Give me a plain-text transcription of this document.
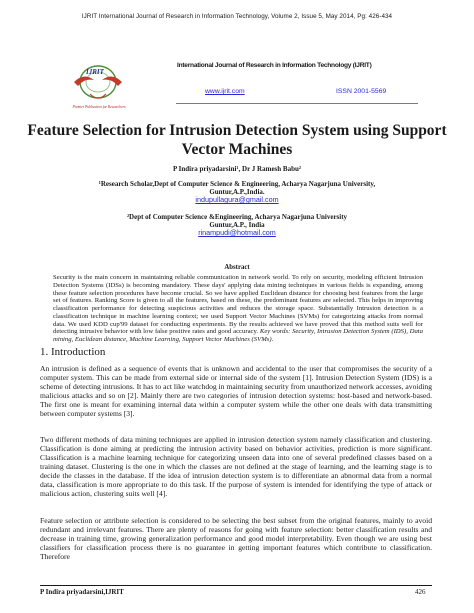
IJRIT International Journal of Research in Information Technology, Volume 2, Issue 5, May 2014, Pg: 426-434
IJRIT
Premier Publication for Researchers
International Journal of Research in Information Technology (IJRIT)
www.ijrit.com	ISSN 2001-5569
Feature Selection for Intrusion Detection System using Support
Vector Machines
P Indira priyadarsini¹, Dr J Ramesh Babu²
¹Research Scholar,Dept of Computer Science & Engineering, Acharya Nagarjuna University,
Guntur,A.P.,India.
indupullagura@gmail.com
²Dept of Computer Science &Engineering, Acharya Nagarjuna University
Guntur,A.P., India
rinampudi@hotmail.com
Abstract
Security is the main concern in maintaining reliable communication in network world. To rely on security, modeling efficient Intrusion Detection Systems (IDSs) is becoming mandatory. These days' applying data mining techniques in various fields is expanding, among these feature selection procedures have become crucial. So we have applied Euclidean distance for choosing best features from the large set of features. Ranking Score is given to all the features, based on these, the predominant features are selected. This helps in improving classification performance for detecting suspicious activities and reduces the storage space. Substantially Intrusion detection is a classification technique in machine learning context; we used Support Vector Machines (SVMs) for categorizing attacks from normal data. We used KDD cup'99 dataset for conducting experiments. By the results achieved we have proved that this method suits well for detecting intrusive behavior with low false positive rates and good accuracy. Key words: Security, Intrusion Detection System (IDS), Data mining, Euclidean distance, Machine Learning, Support Vector Machines (SVMs).
1. Introduction
An intrusion is defined as a sequence of events that is unknown and accidental to the user that compromises the security of a computer system. This can be made from external side or internal side of the system [1]. Intrusion Detection System (IDS) is a scheme of detecting intrusions. It has to act like watchdog in maintaining security from unauthorized network accesses, avoiding malicious attacks and so on [2]. Mainly there are two categories of intrusion detection systems: host-based and network-based. The first one is meant for examining internal data within a computer system while the other one deals with data transmitting between computer systems [3].
Two different methods of data mining techniques are applied in intrusion detection system namely classification and clustering. Classification is done aiming at predicting the intrusion activity based on behavior activities, prediction is more significant. Classification is a machine learning technique for categorizing unseen data into one of several predefined classes based on a training dataset. Clustering is the one in which the classes are not defined at the stage of learning, and the learning stage is to decide the classes in the database. If the idea of intrusion detection system is to differentiate an abnormal data from a normal data, classification is more appropriate to do this task. If the purpose of system is intended for identifying the type of attack or malicious action, clustering suits well [4].
Feature selection or attribute selection is considered to be selecting the best subset from the original features, mainly to avoid redundant and irrelevant features. There are plenty of reasons for going with feature selection: better classification results and decrease in training time, growing generalization performance and good model interpretability. Even though we are using best classifiers for classification process there is no guarantee in getting important features which contribute to classification. Therefore
P Indira priyadarsini,IJRIT	426
